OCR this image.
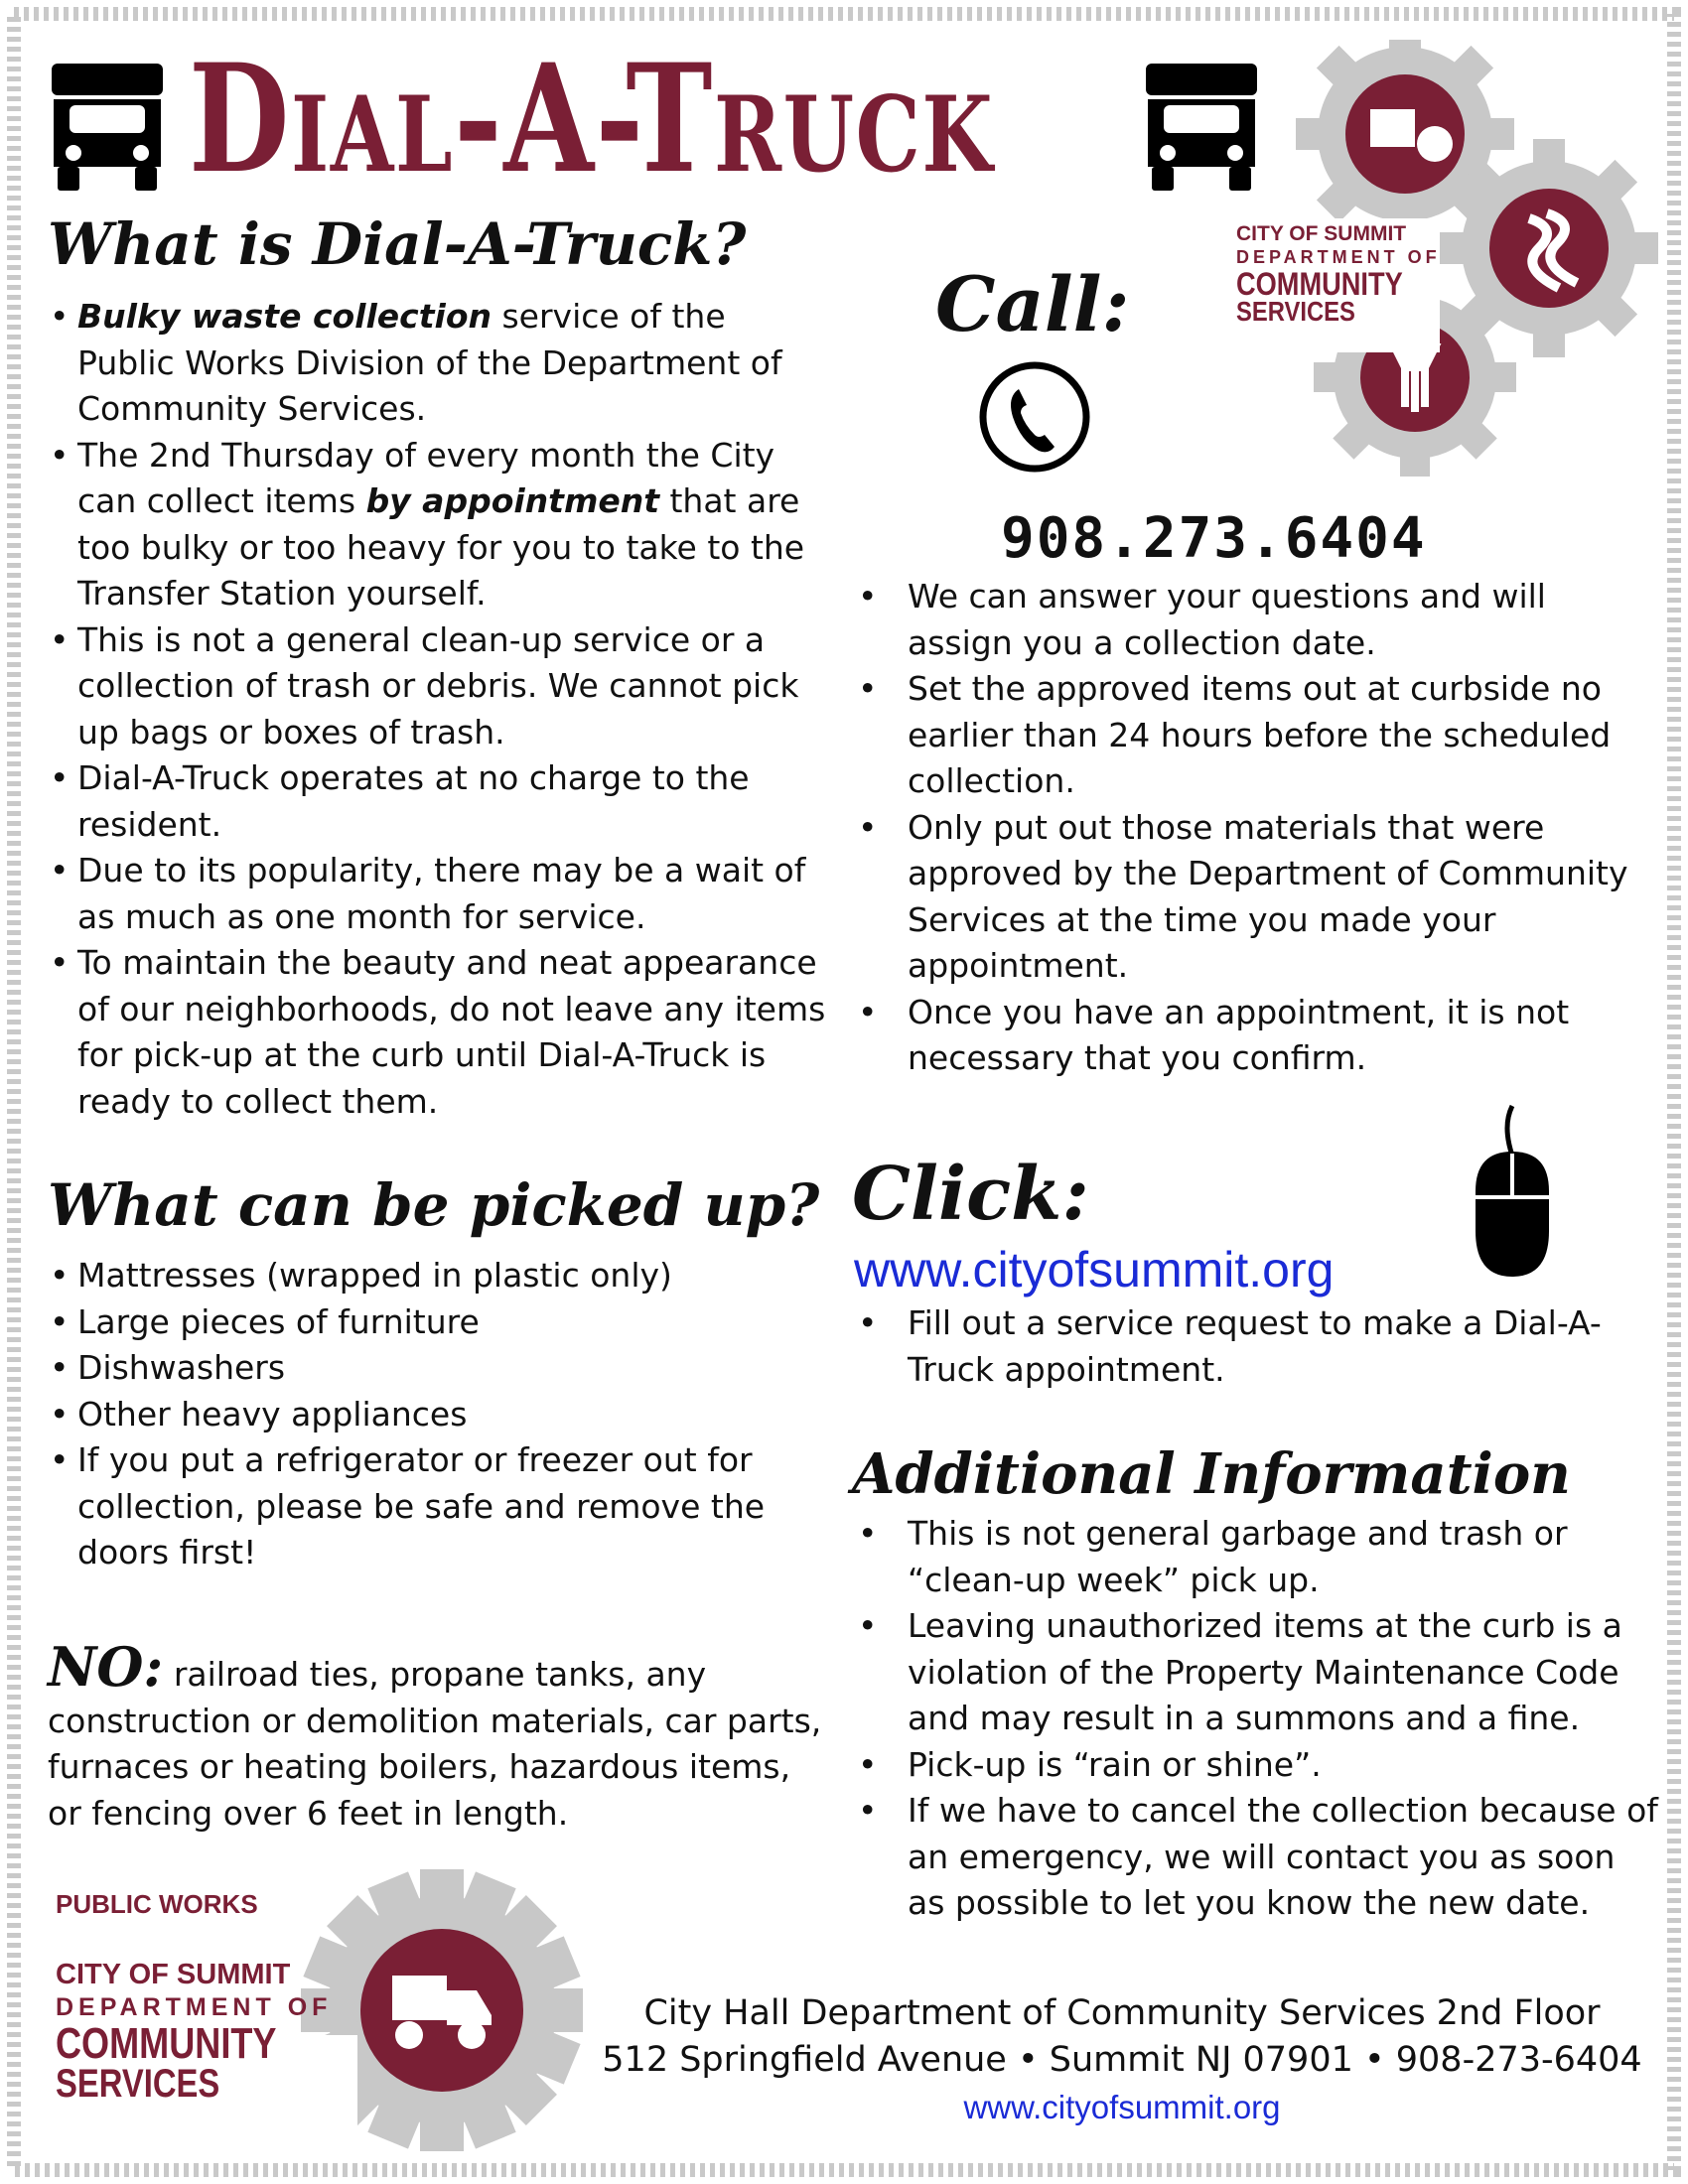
Dial-A-Truck
CITY OF SUMMIT
DEPARTMENT OF
COMMUNITY
SERVICES
What is Dial-A-Truck?
• Bulky waste collection service of the Public Works Division of the Department of Community Services.
• The 2nd Thursday of every month the City can collect items by appointment that are too bulky or too heavy for you to take to the Transfer Station yourself.
• This is not a general clean-up service or a collection of trash or debris. We cannot pick up bags or boxes of trash.
• Dial-A-Truck operates at no charge to the resident.
• Due to its popularity, there may be a wait of as much as one month for service.
• To maintain the beauty and neat appearance of our neighborhoods, do not leave any items for pick-up at the curb until Dial-A-Truck is ready to collect them.
What can be picked up?
• Mattresses (wrapped in plastic only)
• Large pieces of furniture
• Dishwashers
• Other heavy appliances
• If you put a refrigerator or freezer out for collection, please be safe and remove the doors first!
NO: railroad ties, propane tanks, any construction or demolition materials, car parts, furnaces or heating boilers, hazardous items, or fencing over 6 feet in length.
PUBLIC WORKS
CITY OF SUMMIT
DEPARTMENT OF
COMMUNITY
SERVICES
Call:
908.273.6404
• We can answer your questions and will assign you a collection date.
• Set the approved items out at curbside no earlier than 24 hours before the scheduled collection.
• Only put out those materials that were approved by the Department of Community Services at the time you made your appointment.
• Once you have an appointment, it is not necessary that you confirm.
Click:
www.cityofsummit.org
• Fill out a service request to make a Dial-A-Truck appointment.
Additional Information
• This is not general garbage and trash or “clean-up week” pick up.
• Leaving unauthorized items at the curb is a violation of the Property Maintenance Code and may result in a summons and a fine.
• Pick-up is “rain or shine”.
• If we have to cancel the collection because of an emergency, we will contact you as soon as possible to let you know the new date.
City Hall Department of Community Services 2nd Floor
512 Springfield Avenue • Summit NJ 07901 • 908-273-6404
www.cityofsummit.org
